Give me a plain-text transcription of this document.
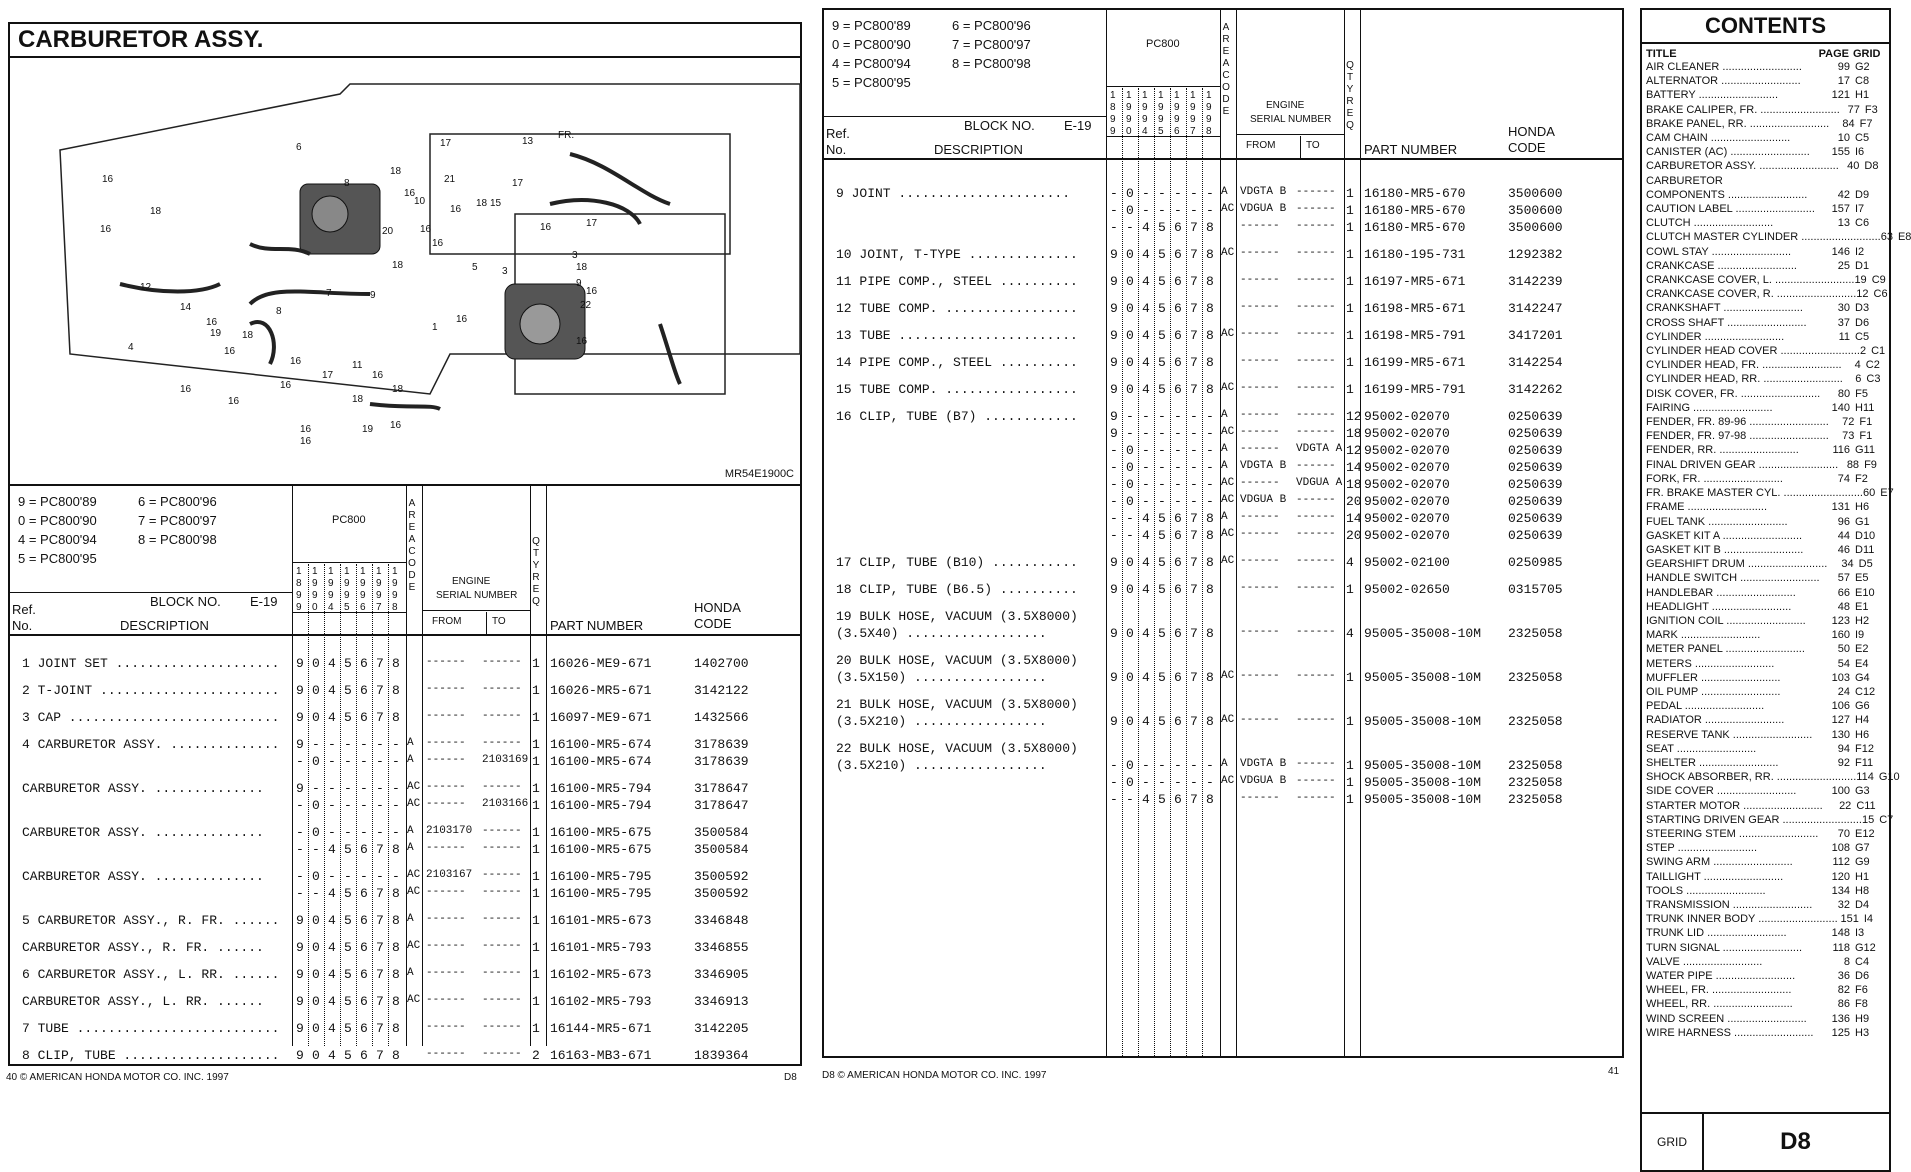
CARBURETOR ASSY.
MR54E1900C
16
18
16
12
14
16
19 18
16
16
16
16
4
6
8
18
16
21
17	13
FR.
18
16
10
16
20
16
15
17
16	17
18
7	9
5 3
8
16	11
17	16
18
18
16
19
16
16
1
16
3
18
9
16
22
16
9 = PC800'89	6 = PC800'96
0 = PC800'90	7 = PC800'97
4 = PC800'94	8 = PC800'98
5 = PC800'95
PC800
1 1 1 1 1 1 1
8 9 9 9 9 9 9
9 9 9 9 9 9 9
9 0 4 5 6 7 8
AREA CODE
ENGINE
SERIAL NUMBER
FROM	TO
QTY REQ
BLOCK NO. E-19
Ref.
No.	DESCRIPTION	PART NUMBER
HONDA
CODE
40 © AMERICAN HONDA MOTOR CO. INC. 1997	D8
1 JOINT SET ..................... 9 0 4 5 6 7 8 ------ ------ 1 16026-ME9-671	1402700
2 T-JOINT ....................... 9 0 4 5 6 7 8 ------ ------ 1 16026-MR5-671	3142122
3 CAP ........................... 9 0 4 5 6 7 8 ------ ------ 1 16097-ME9-671	1432566
4 CARBURETOR ASSY. .............. 9 - - - - - - A ------ ------ 1 16100-MR5-674	3178639
- 0 - - - - - A ------ 2103169 1 16100-MR5-674	3178639
CARBURETOR ASSY. .............. 9 - - - - - - AC ------ ------ 1 16100-MR5-794	3178647
- 0 - - - - - AC ------ 2103166 1 16100-MR5-794	3178647
CARBURETOR ASSY. .............. - 0 - - - - - A 2103170 ------ 1 16100-MR5-675	3500584
- - 4 5 6 7 8 A ------ ------ 1 16100-MR5-675	3500584
CARBURETOR ASSY. .............. - 0 - - - - - AC 2103167 ------ 1 16100-MR5-795	3500592
- - 4 5 6 7 8 AC ------ ------ 1 16100-MR5-795	3500592
5 CARBURETOR ASSY., R. FR. ...... 9 0 4 5 6 7 8 A ------ ------ 1 16101-MR5-673	3346848
CARBURETOR ASSY., R. FR. ...... 9 0 4 5 6 7 8 AC ------ ------ 1 16101-MR5-793	3346855
6 CARBURETOR ASSY., L. RR. ...... 9 0 4 5 6 7 8 A ------ ------ 1 16102-MR5-673	3346905
CARBURETOR ASSY., L. RR. ...... 9 0 4 5 6 7 8 AC ------ ------ 1 16102-MR5-793	3346913
7 TUBE .......................... 9 0 4 5 6 7 8 ------ ------ 1 16144-MR5-671	3142205
8 CLIP, TUBE .................... 9 0 4 5 6 7 8 ------ ------ 2 16163-MB3-671	1839364
9 = PC800'89	6 = PC800'96
0 = PC800'90	7 = PC800'97
4 = PC800'94	8 = PC800'98
5 = PC800'95
PC800
1 1 1 1 1 1 1
8 9 9 9 9 9 9
9 9 9 9 9 9 9
9 0 4 5 6 7 8
AREA CODE
ENGINE
SERIAL NUMBER
FROM	TO
QTY REQ
BLOCK NO. E-19
Ref.
No.	DESCRIPTION	PART NUMBER
HONDA
CODE
D8 © AMERICAN HONDA MOTOR CO. INC. 1997	41
9 JOINT ......................	- 0 - - - - - A VDGTA B ------ 1 16180-MR5-670	3500600
- 0 - - - - - AC VDGUA B ------ 1 16180-MR5-670	3500600
- - 4 5 6 7 8 ------ ------ 1 16180-MR5-670	3500600
10 JOINT, T-TYPE .............. 9 0 4 5 6 7 8 AC ------ ------ 1 16180-195-731	1292382
11 PIPE COMP., STEEL .......... 9 0 4 5 6 7 8 ------ ------ 1 16197-MR5-671	3142239
12 TUBE COMP. ................. 9 0 4 5 6 7 8 ------ ------ 1 16198-MR5-671	3142247
13 TUBE ....................... 9 0 4 5 6 7 8 AC ------ ------ 1 16198-MR5-791	3417201
14 PIPE COMP., STEEL .......... 9 0 4 5 6 7 8 ------ ------ 1 16199-MR5-671	3142254
15 TUBE COMP. ................. 9 0 4 5 6 7 8 AC ------ ------ 1 16199-MR5-791	3142262
16 CLIP, TUBE (B7) ............ 9 - - - - - - A ------ ------ 12 95002-02070	0250639
9 - - - - - - AC ------ ------ 18 95002-02070	0250639
- 0 - - - - - A ------ VDGTA A 12 95002-02070	0250639
- 0 - - - - - A VDGTA B ------ 14 95002-02070	0250639
- 0 - - - - - AC ------ VDGUA A 18 95002-02070	0250639
- 0 - - - - - AC VDGUA B ------ 20 95002-02070	0250639
- - 4 5 6 7 8 A ------ ------ 14 95002-02070	0250639
- - 4 5 6 7 8 AC ------ ------ 20 95002-02070	0250639
17 CLIP, TUBE (B10) ........... 9 0 4 5 6 7 8 AC ------ ------ 4 95002-02100	0250985
18 CLIP, TUBE (B6.5) .......... 9 0 4 5 6 7 8 ------ ------ 1 95002-02650	0315705
19 BULK HOSE, VACUUM (3.5X8000)
(3.5X40) ..................	9 0 4 5 6 7 8 ------ ------ 4 95005-35008-10M 2325058
20 BULK HOSE, VACUUM (3.5X8000)
(3.5X150) .................	9 0 4 5 6 7 8 AC ------ ------ 1 95005-35008-10M 2325058
21 BULK HOSE, VACUUM (3.5X8000)
(3.5X210) .................	9 0 4 5 6 7 8 AC ------ ------ 1 95005-35008-10M 2325058
22 BULK HOSE, VACUUM (3.5X8000)
(3.5X210) .................	- 0 - - - - - A VDGTA B ------ 1 95005-35008-10M 2325058
- 0 - - - - - AC VDGUA B ------ 1 95005-35008-10M 2325058
- - 4 5 6 7 8 ------ ------ 1 95005-35008-10M 2325058
CONTENTS
TITLE	PAGE GRID
AIR CLEANER ..........................	99 G2
ALTERNATOR ..........................	17 C8
BATTERY ..........................	121 H1
BRAKE CALIPER, FR. .......................... 77 F3
BRAKE PANEL, RR. ..........................	84 F7
CAM CHAIN ..........................	10 C5
CANISTER (AC) ..........................	155 I6
CARBURETOR ASSY. .......................... 40 D8
CARBURETOR
COMPONENTS ..........................	42 D9
CAUTION LABEL ..........................	157 I7
CLUTCH ..........................	13 C6
CLUTCH MASTER CYLINDER .......................... 63 E8
COWL STAY ..........................	146 I2
CRANKCASE ..........................	25 D1
CRANKCASE COVER, L. .......................... 19 C9
CRANKCASE COVER, R. .......................... 12 C6
CRANKSHAFT ..........................	30 D3
CROSS SHAFT ..........................	37 D6
CYLINDER ..........................	11 C5
CYLINDER HEAD COVER .......................... 2 C1
CYLINDER HEAD, FR. ..........................	4 C2
CYLINDER HEAD, RR. ..........................	6 C3
DISK COVER, FR. ..........................	80 F5
FAIRING ..........................	140 H11
FENDER, FR. 89-96 ..........................	72 F1
FENDER, FR. 97-98 ..........................	73 F1
FENDER, RR. ..........................	116 G11
FINAL DRIVEN GEAR .......................... 88 F9
FORK, FR. ..........................	74 F2
FR. BRAKE MASTER CYL. .......................... 60 E7
FRAME ..........................	131 H6
FUEL TANK ..........................	96 G1
GASKET KIT A ..........................	44 D10
GASKET KIT B ..........................	46 D11
GEARSHIFT DRUM ..........................	34 D5
HANDLE SWITCH ..........................	57 E5
HANDLEBAR ..........................	66 E10
HEADLIGHT ..........................	48 E1
IGNITION COIL ..........................	123 H2
MARK ..........................	160 I9
METER PANEL ..........................	50 E2
METERS ..........................	54 E4
MUFFLER ..........................	103 G4
OIL PUMP ..........................	24 C12
PEDAL ..........................	106 G6
RADIATOR ..........................	127 H4
RESERVE TANK ..........................	130 H6
SEAT ..........................	94 F12
SHELTER ..........................	92 F11
SHOCK ABSORBER, RR. .......................... 114 G10
SIDE COVER ..........................	100 G3
STARTER MOTOR ..........................	22 C11
STARTING DRIVEN GEAR .......................... 15 C7
STEERING STEM ..........................	70 E12
STEP ..........................	108 G7
SWING ARM ..........................	112 G9
TAILLIGHT ..........................	120 H1
TOOLS ..........................	134 H8
TRANSMISSION ..........................	32 D4
TRUNK INNER BODY .......................... 151 I4
TRUNK LID ..........................	148 I3
TURN SIGNAL ..........................	118 G12
VALVE ..........................	8 C4
WATER PIPE ..........................	36 D6
WHEEL, FR. ..........................	82 F6
WHEEL, RR. ..........................	86 F8
WIND SCREEN ..........................	136 H9
WIRE HARNESS ..........................	125 H3
GRID	D8
